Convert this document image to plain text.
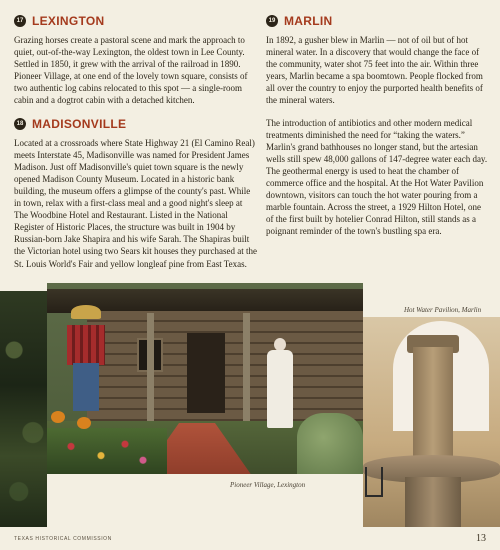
17 LEXINGTON

Grazing horses create a pastoral scene and mark the approach to quiet, out-of-the-way Lexington, the oldest town in Lee County. Settled in 1850, it grew with the arrival of the railroad in 1890. Pioneer Village, at one end of the lovely town square, consists of two authentic log cabins relocated to this spot — a single-room cabin and a dogtrot cabin with a detached kitchen.

18 MADISONVILLE

Located at a crossroads where State Highway 21 (El Camino Real) meets Interstate 45, Madisonville was named for President James Madison. Just off Madisonville's quiet town square is the newly opened Madison County Museum. Located in a historic bank building, the museum offers a glimpse of the county's past. While in town, relax with a first-class meal and a good night's sleep at The Woodbine Hotel and Restaurant. Listed in the National Register of Historic Places, the structure was built in 1904 by Russian-born Jake Shapira and his wife Sarah. The Shapiras built the Victorian hotel using two Sears kit houses they purchased at the St. Louis World's Fair and yellow longleaf pine from East Texas.

19 MARLIN

In 1892, a gusher blew in Marlin — not of oil but of hot mineral water. In a discovery that would change the face of the community, water shot 75 feet into the air. Within three years, Marlin became a spa boomtown. People flocked from all over the country to enjoy the purported health benefits of the mineral waters.

The introduction of antibiotics and other modern medical treatments diminished the need for “taking the waters.” Marlin's grand bathhouses no longer stand, but the artesian wells still spew 48,000 gallons of 147-degree water each day. The geothermal energy is used to heat the chamber of commerce office and the hospital. At the Hot Water Pavilion downtown, visitors can touch the hot water pouring from a marble fountain. Across the street, a 1929 Hilton Hotel, one of the first built by hotelier Conrad Hilton, still stands as a poignant reminder of the town's bustling spa era.

Hot Water Pavilion, Marlin
Pioneer Village, Lexington
TEXAS HISTORICAL COMMISSION	13
